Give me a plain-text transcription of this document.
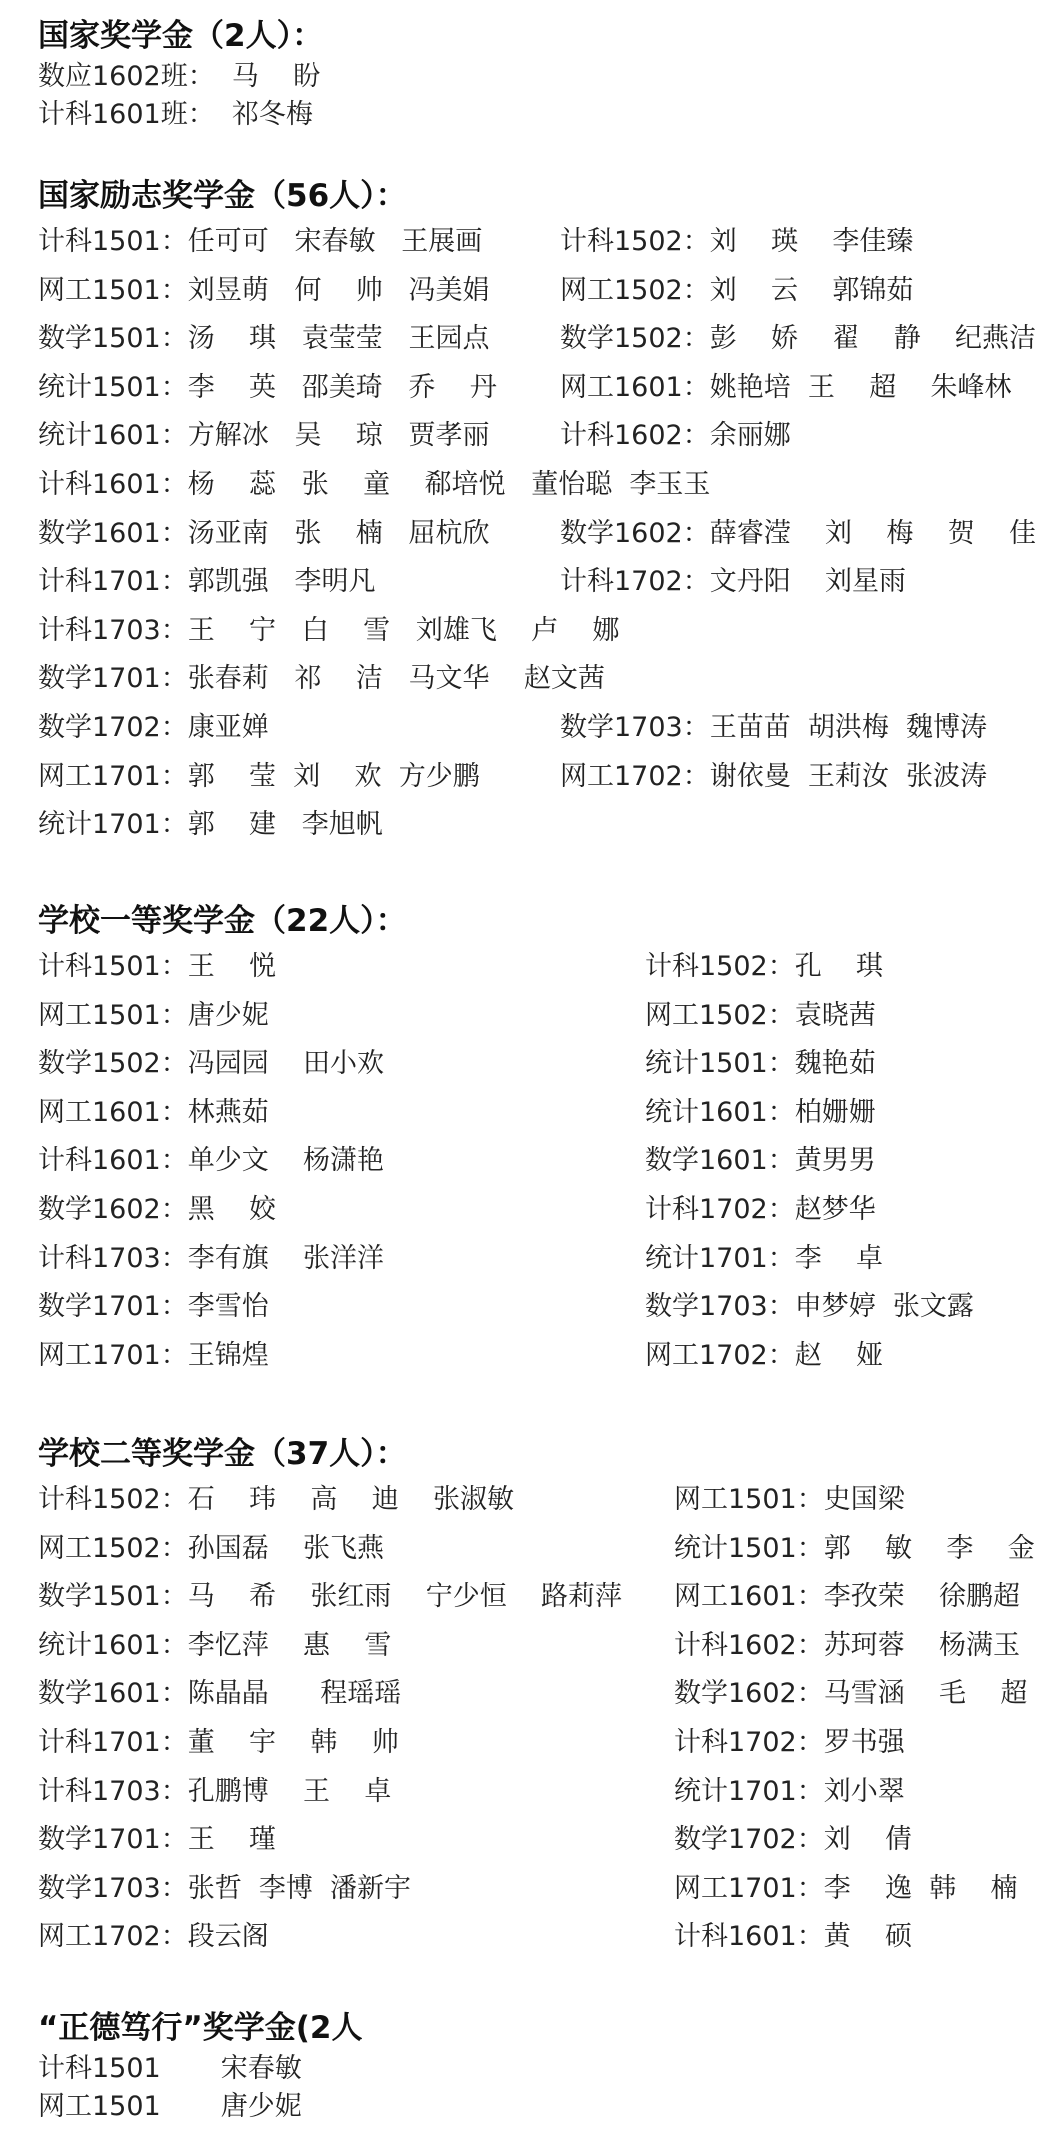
国家奖学金（2人）：
数应1602班：  马    盼
计科1601班：  祁冬梅
国家励志奖学金（56人）：
计科1501：任可可   宋春敏   王展画	计科1502：刘    瑛    李佳臻
网工1501：刘昱萌   何    帅   冯美娟	网工1502：刘    云    郭锦茹
数学1501：汤    琪   袁莹莹   王园点	数学1502：彭    娇    翟    静    纪燕洁
统计1501：李    英   邵美琦   乔    丹 网工1601：姚艳培  王    超    朱峰林
统计1601：方解冰   吴    琼   贾孝丽	计科1602：余丽娜
计科1601：杨    蕊   张    童    郗培悦   董怡聪  李玉玉
数学1601：汤亚南   张    楠   屈杭欣	数学1602：薛睿滢    刘    梅    贺    佳
计科1701：郭凯强   李明凡	计科1702：文丹阳    刘星雨
计科1703：王    宁   白    雪   刘雄飞    卢    娜
数学1701：张春莉   祁    洁   马文华    赵文茜
数学1702：康亚婵	数学1703：王苗苗  胡洪梅  魏博涛
网工1701：郭    莹  刘    欢  方少鹏	网工1702：谢依曼  王莉汝  张波涛
统计1701：郭    建   李旭帆
学校一等奖学金（22人）：
计科1501：王    悦	计科1502：孔    琪
网工1501：唐少妮	网工1502：袁晓茜
数学1502：冯园园    田小欢	统计1501：魏艳茹
网工1601：林燕茹	统计1601：柏姗姗
计科1601：单少文    杨潇艳	数学1601：黄男男
数学1602：黑    姣	计科1702：赵梦华
计科1703：李有旗    张洋洋	统计1701：李    卓
数学1701：李雪怡	数学1703：申梦婷  张文露
网工1701：王锦煌	网工1702：赵    娅
学校二等奖学金（37人）：
计科1502：石    玮    高    迪    张淑敏	网工1501：史国梁
网工1502：孙国磊    张飞燕	统计1501：郭    敏    李    金
数学1501：马    希    张红雨    宁少恒    路莉萍 网工1601：李孜荣    徐鹏超
统计1601：李忆萍    惠    雪	计科1602：苏珂蓉    杨满玉
数学1601：陈晶晶      程瑶瑶	数学1602：马雪涵    毛    超
计科1701：董    宇    韩    帅	计科1702：罗书强
计科1703：孔鹏博    王    卓	统计1701：刘小翠
数学1701：王    瑾	数学1702：刘    倩
数学1703：张哲  李博  潘新宇	网工1701：李    逸  韩    楠
网工1702：段云阁	计科1601：黄    硕
“正德笃行”奖学金(2人
计科1501       宋春敏
网工1501       唐少妮
